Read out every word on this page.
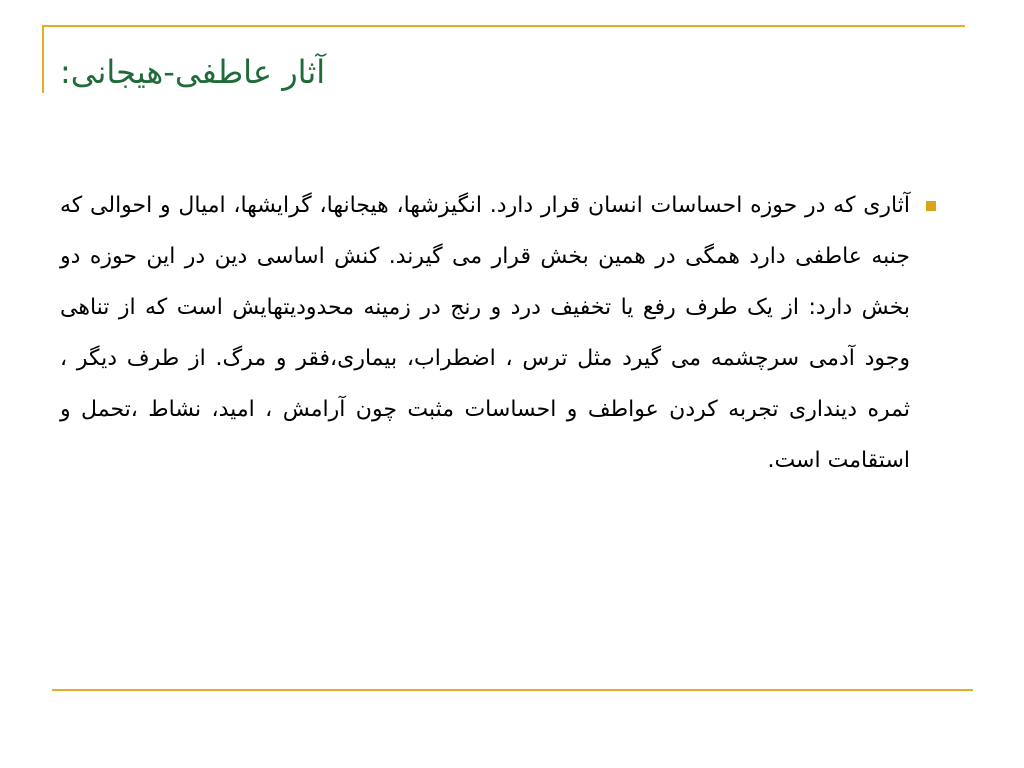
آثار عاطفی-هیجانی:

آثاری که در حوزه احساسات انسان قرار دارد. انگیزشها، هیجانها، گرایشها، امیال و احوالی که جنبه عاطفی دارد همگی در همین بخش قرار می گیرند. کنش اساسی دین در این حوزه دو بخش دارد: از یک طرف رفع یا تخفیف درد و رنج در زمینه محدودیتهایش است که از تناهی وجود آدمی سرچشمه می گیرد مثل ترس ، اضطراب، بیماری،فقر و مرگ. از طرف دیگر ، ثمره دینداری تجربه کردن عواطف و احساسات مثبت چون آرامش ، امید، نشاط ،تحمل و استقامت است.
